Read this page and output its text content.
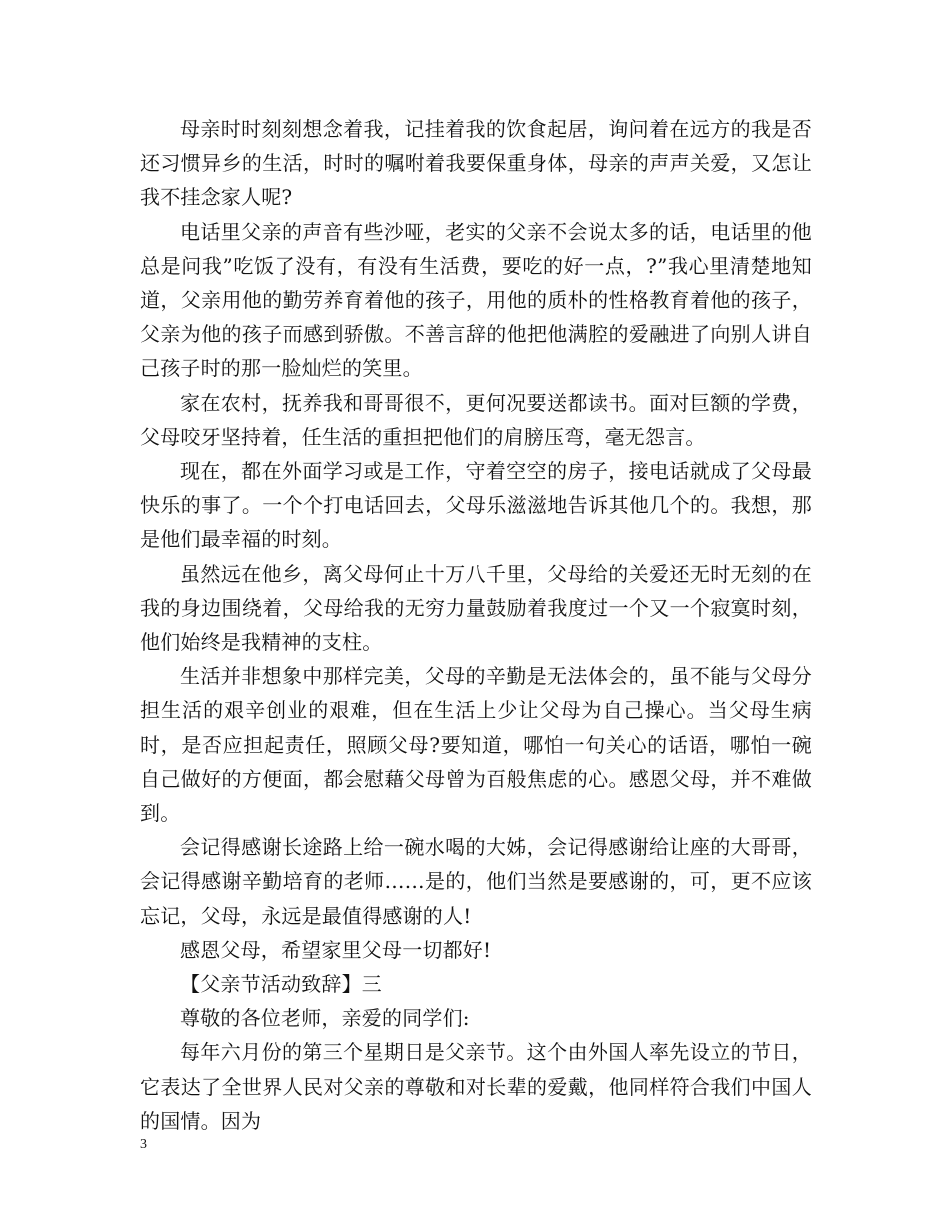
母亲时时刻刻想念着我，记挂着我的饮食起居，询问着在远方的我是否还习惯异乡的生活，时时的嘱咐着我要保重身体，母亲的声声关爱，又怎让我不挂念家人呢?

电话里父亲的声音有些沙哑，老实的父亲不会说太多的话，电话里的他总是问我”吃饭了没有，有没有生活费，要吃的好一点，?”我心里清楚地知道，父亲用他的勤劳养育着他的孩子，用他的质朴的性格教育着他的孩子，父亲为他的孩子而感到骄傲。不善言辞的他把他满腔的爱融进了向别人讲自己孩子时的那一脸灿烂的笑里。

家在农村，抚养我和哥哥很不，更何况要送都读书。面对巨额的学费，父母咬牙坚持着，任生活的重担把他们的肩膀压弯，毫无怨言。

现在，都在外面学习或是工作，守着空空的房子，接电话就成了父母最快乐的事了。一个个打电话回去，父母乐滋滋地告诉其他几个的。我想，那是他们最幸福的时刻。

虽然远在他乡，离父母何止十万八千里，父母给的关爱还无时无刻的在我的身边围绕着，父母给我的无穷力量鼓励着我度过一个又一个寂寞时刻，他们始终是我精神的支柱。

生活并非想象中那样完美，父母的辛勤是无法体会的，虽不能与父母分担生活的艰辛创业的艰难，但在生活上少让父母为自己操心。当父母生病时，是否应担起责任，照顾父母?要知道，哪怕一句关心的话语，哪怕一碗自己做好的方便面，都会慰藉父母曾为百般焦虑的心。感恩父母，并不难做到。

会记得感谢长途路上给一碗水喝的大姊，会记得感谢给让座的大哥哥，会记得感谢辛勤培育的老师……是的，他们当然是要感谢的，可，更不应该忘记，父母，永远是最值得感谢的人!

感恩父母，希望家里父母一切都好!

【父亲节活动致辞】三

尊敬的各位老师，亲爱的同学们:

每年六月份的第三个星期日是父亲节。这个由外国人率先设立的节日，它表达了全世界人民对父亲的尊敬和对长辈的爱戴，他同样符合我们中国人的国情。因为

3
